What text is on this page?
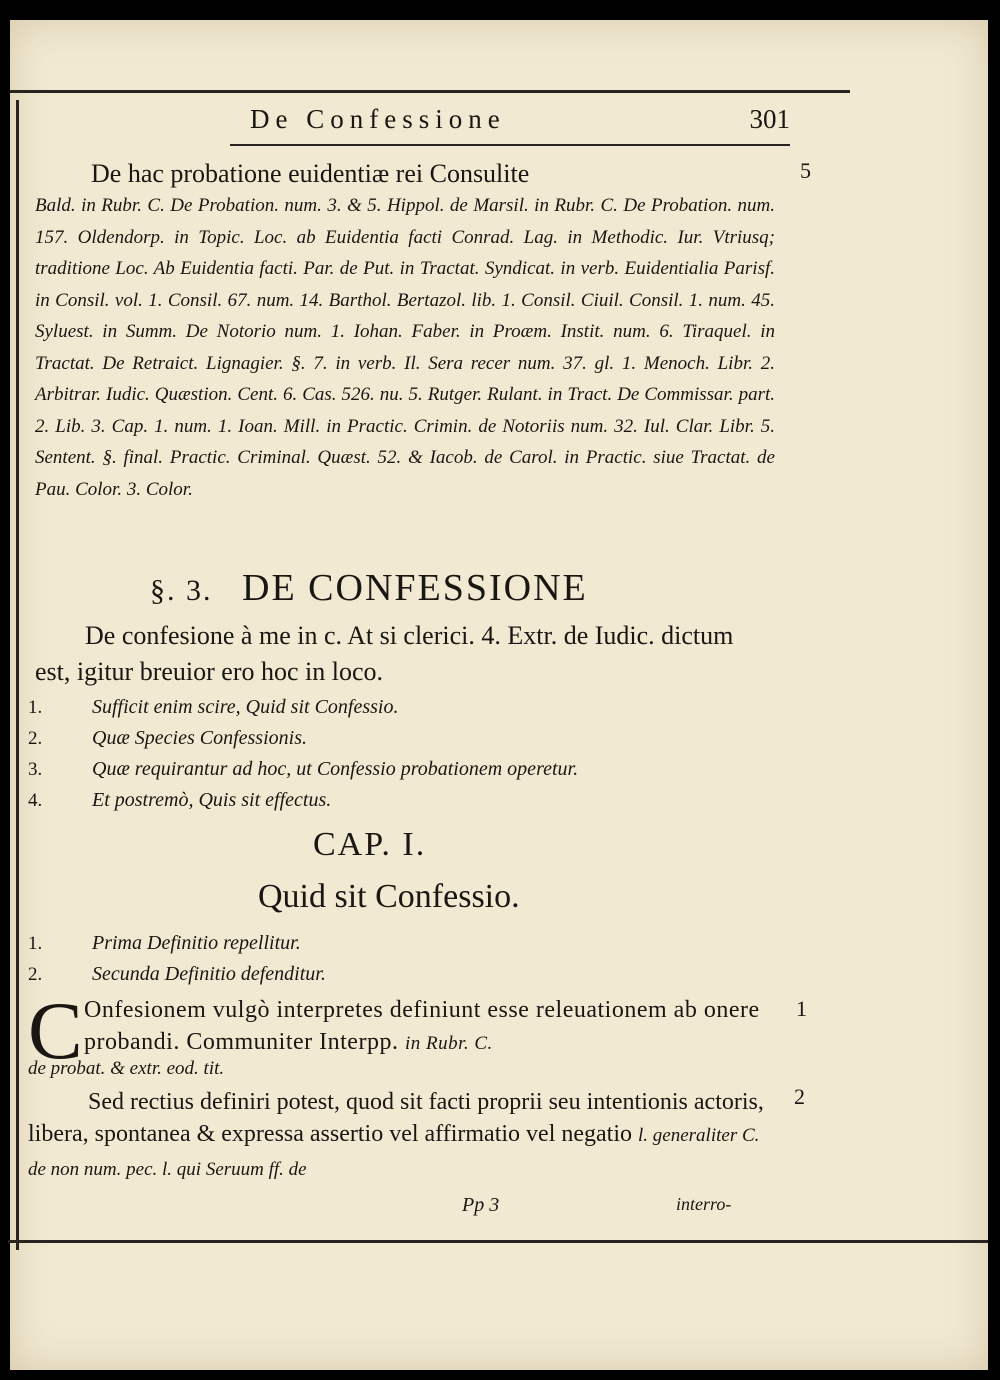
De Confessione	301
5
De hac probatione euidentiæ rei Consulite
Bald. in Rubr. C. De Probation. num. 3. & 5. Hippol. de Marsil. in Rubr. C. De Probation. num. 157. Oldendorp. in Topic. Loc. ab Euidentia facti Conrad. Lag. in Methodic. Iur. Vtriusq; traditione Loc. Ab Euidentia facti. Par. de Put. in Tractat. Syndicat. in verb. Euidentialia Parisf. in Consil. vol. 1. Consil. 67. num. 14. Barthol. Bertazol. lib. 1. Consil. Ciuil. Consil. 1. num. 45. Syluest. in Summ. De Notorio num. 1. Iohan. Faber. in Proæm. Instit. num. 6. Tiraquel. in Tractat. De Retraict. Lignagier. §. 7. in verb. Il. Sera recer num. 37. gl. 1. Menoch. Libr. 2. Arbitrar. Iudic. Quæstion. Cent. 6. Cas. 526. nu. 5. Rutger. Rulant. in Tract. De Commissar. part. 2. Lib. 3. Cap. 1. num. 1. Ioan. Mill. in Practic. Crimin. de Notoriis num. 32. Iul. Clar. Libr. 5. Sentent. §. final. Practic. Criminal. Quæst. 52. & Iacob. de Carol. in Practic. siue Tractat. de Pau. Color. 3. Color.
§. 3. DE CONFESSIONE
De confesione à me in c. At si clerici. 4. Extr. de Iudic. dictum est, igitur breuior ero hoc in loco.
1.	Sufficit enim scire, Quid sit Confessio.
2.	Quæ Species Confessionis.
3.	Quæ requirantur ad hoc, ut Confessio probationem operetur.
4.	Et postremò, Quis sit effectus.
CAP. I.
Quid sit Confessio.
1.	Prima Definitio repellitur.
2.	Secunda Definitio defenditur.
1
2
C Onfesionem vulgò interpretes definiunt esse releuationem ab onere probandi. Communiter Interpp. in Rubr. C.
de probat. & extr. eod. tit.
Sed rectius definiri potest, quod sit facti proprii seu intentionis actoris, libera, spontanea & expressa assertio vel affirmatio vel negatio l. generaliter C. de non num. pec. l. qui Seruum ff. de
Pp 3	interro-
